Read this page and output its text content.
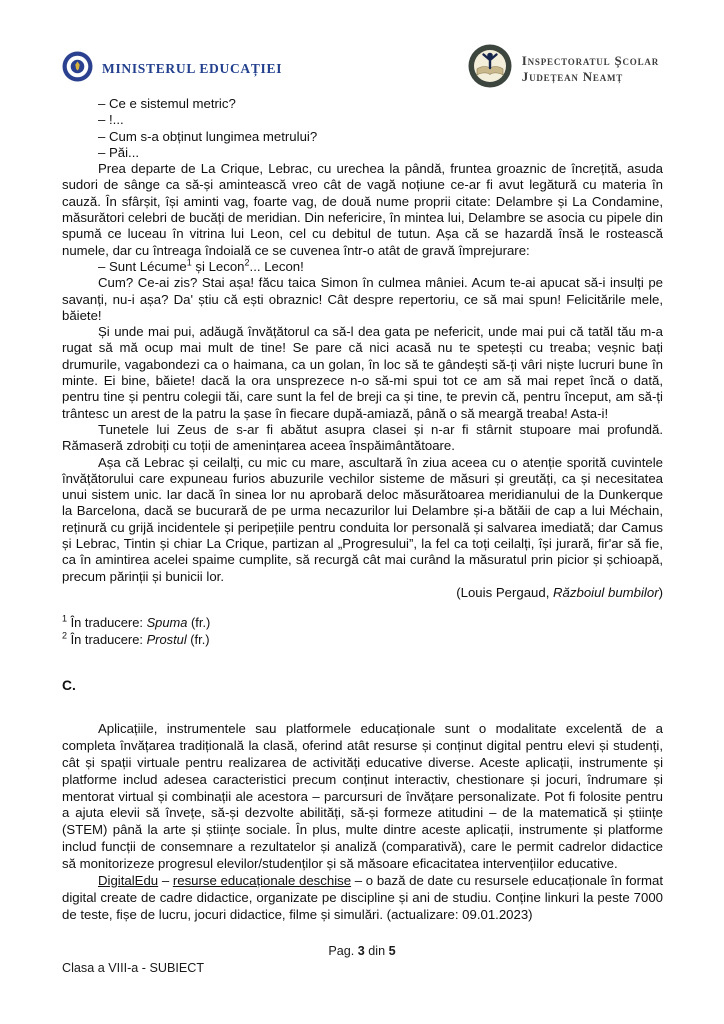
MINISTERUL EDUCAȚIEI
Inspectoratul Școlar
Județean Neamț

– Ce e sistemul metric?

– !...

– Cum s-a obținut lungimea metrului?

– Păi...

Prea departe de La Crique, Lebrac, cu urechea la pândă, fruntea groaznic de încrețită, asuda sudori de sânge ca să-și amintească vreo cât de vagă noțiune ce-ar fi avut legătură cu materia în cauză. În sfârșit, își aminti vag, foarte vag, de două nume proprii citate: Delambre și La Condamine, măsurători celebri de bucăți de meridian. Din nefericire, în mintea lui, Delambre se asocia cu pipele din spumă ce luceau în vitrina lui Leon, cel cu debitul de tutun. Așa că se hazardă însă le rostească numele, dar cu întreaga îndoială ce se cuvenea într-o atât de gravă împrejurare:

– Sunt Lécume$^1$ și Lecon$^2$... Lecon!

Cum? Ce-ai zis? Stai așa! făcu taica Simon în culmea mâniei. Acum te-ai apucat să-i insulți pe savanți, nu-i așa? Da' știu că ești obraznic! Cât despre repertoriu, ce să mai spun! Felicitările mele, băiete!

Și unde mai pui, adăugă învățătorul ca să-l dea gata pe nefericit, unde mai pui că tatăl tău m-a rugat să mă ocup mai mult de tine! Se pare că nici acasă nu te spetești cu treaba; veșnic bați drumurile, vagabondezi ca o haimana, ca un golan, în loc să te gândești să-ți vâri niște lucruri bune în minte. Ei bine, băiete! dacă la ora unsprezece n-o să-mi spui tot ce am să mai repet încă o dată, pentru tine și pentru colegii tăi, care sunt la fel de breji ca și tine, te previn că, pentru început, am să-ți trântesc un arest de la patru la șase în fiecare după-amiază, până o să meargă treaba! Asta-i!

Tunetele lui Zeus de s-ar fi abătut asupra clasei și n-ar fi stârnit stupoare mai profundă. Rămaseră zdrobiți cu toții de amenințarea aceea înspăimântătoare.

Așa că Lebrac și ceilalți, cu mic cu mare, ascultară în ziua aceea cu o atenție sporită cuvintele învățătorului care expuneau furios abuzurile vechilor sisteme de măsuri și greutăți, ca și necesitatea unui sistem unic. Iar dacă în sinea lor nu aprobară deloc măsurătoarea meridianului de la Dunkerque la Barcelona, dacă se bucurară de pe urma necazurilor lui Delambre și-a bătăii de cap a lui Méchain, reținură cu grijă incidentele și peripețiile pentru conduita lor personală și salvarea imediată; dar Camus și Lebrac, Tintin și chiar La Crique, partizan al „Progresului”, la fel ca toți ceilalți, își jurară, fir'ar să fie, ca în amintirea acelei spaime cumplite, să recurgă cât mai curând la măsuratul prin picior și șchioapă, precum părinții și bunicii lor.

(Louis Pergaud, Războiul bumbilor)

$^1$ În traducere: Spuma (fr.)

$^2$ În traducere: Prostul (fr.)

C.

Aplicațiile, instrumentele sau platformele educaționale sunt o modalitate excelentă de a completa învățarea tradițională la clasă, oferind atât resurse și conținut digital pentru elevi și studenți, cât și spații virtuale pentru realizarea de activități educative diverse. Aceste aplicații, instrumente și platforme includ adesea caracteristici precum conținut interactiv, chestionare și jocuri, îndrumare și mentorat virtual și combinații ale acestora – parcursuri de învățare personalizate. Pot fi folosite pentru a ajuta elevii să învețe, să-și dezvolte abilități, să-și formeze atitudini – de la matematică și științe (STEM) până la arte și științe sociale. În plus, multe dintre aceste aplicații, instrumente și platforme includ funcții de consemnare a rezultatelor și analiză (comparativă), care le permit cadrelor didactice să monitorizeze progresul elevilor/studenților și să măsoare eficacitatea intervențiilor educative.

DigitalEdu – resurse educaționale deschise – o bază de date cu resursele educaționale în format digital create de cadre didactice, organizate pe discipline și ani de studiu. Conține linkuri la peste 7000 de teste, fișe de lucru, jocuri didactice, filme și simulări. (actualizare: 09.01.2023)

Pag. 3 din 5
Clasa a VIII-a - SUBIECT
